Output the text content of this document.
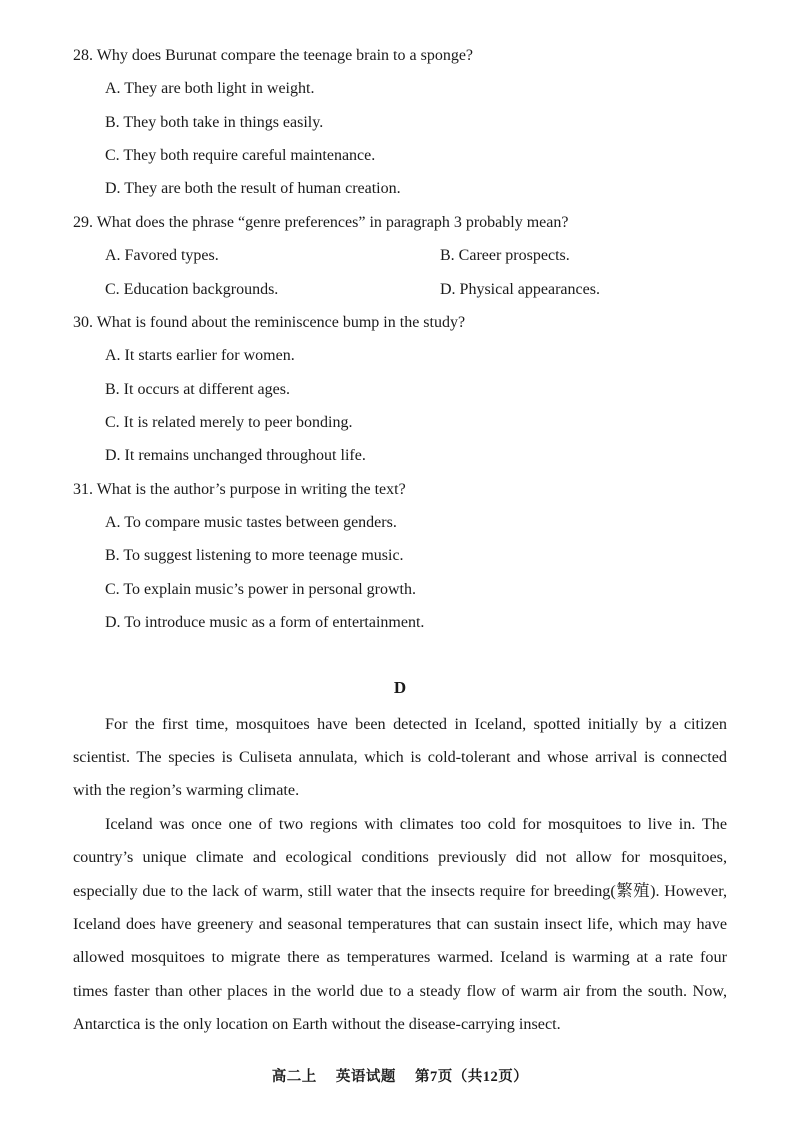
28. Why does Burunat compare the teenage brain to a sponge?
A. They are both light in weight.
B. They both take in things easily.
C. They both require careful maintenance.
D. They are both the result of human creation.
29. What does the phrase “genre preferences” in paragraph 3 probably mean?
A. Favored types.	B. Career prospects.
C. Education backgrounds.	D. Physical appearances.
30. What is found about the reminiscence bump in the study?
A. It starts earlier for women.
B. It occurs at different ages.
C. It is related merely to peer bonding.
D. It remains unchanged throughout life.
31. What is the author’s purpose in writing the text?
A. To compare music tastes between genders.
B. To suggest listening to more teenage music.
C. To explain music’s power in personal growth.
D. To introduce music as a form of entertainment.
D
For the first time, mosquitoes have been detected in Iceland, spotted initially by a citizen
scientist. The species is Culiseta annulata, which is cold-tolerant and whose arrival is connected
with the region’s warming climate.
Iceland was once one of two regions with climates too cold for mosquitoes to live in. The
country’s unique climate and ecological conditions previously did not allow for mosquitoes,
especially due to the lack of warm, still water that the insects require for breeding(繁殖). However,
Iceland does have greenery and seasonal temperatures that can sustain insect life, which may have
allowed mosquitoes to migrate there as temperatures warmed. Iceland is warming at a rate four
times faster than other places in the world due to a steady flow of warm air from the south. Now,
Antarctica is the only location on Earth without the disease-carrying insect.
高二上　 英语试题　 第7页（共12页）
